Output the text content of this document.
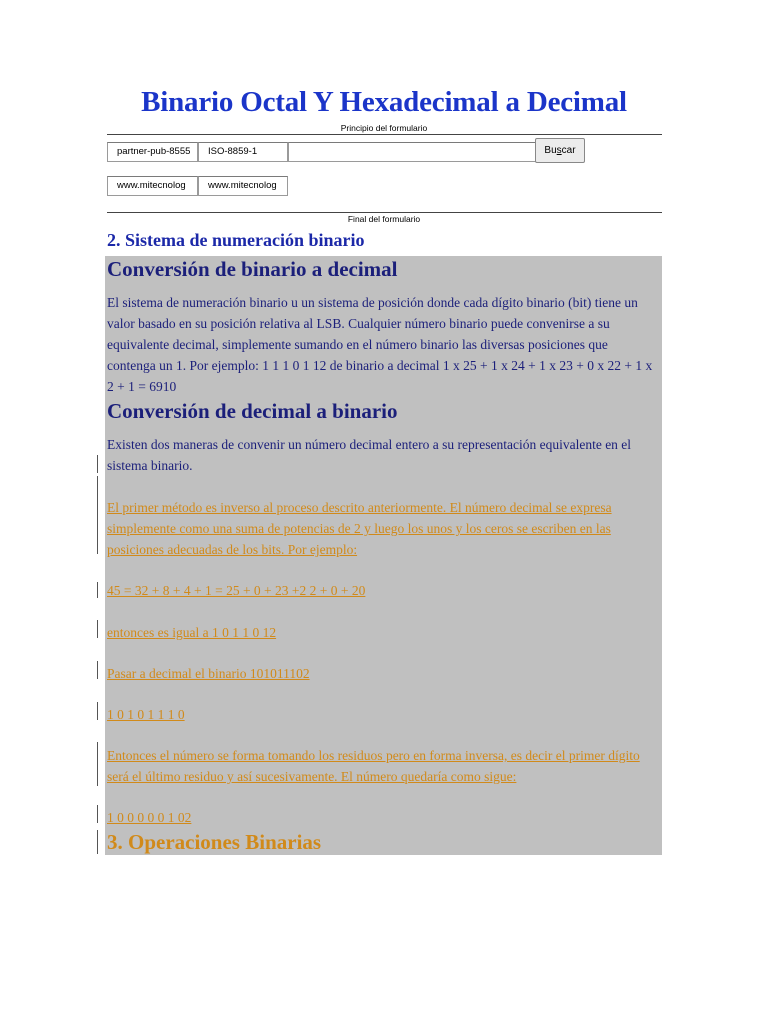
Binario Octal Y Hexadecimal a Decimal
Principio del formulario
partner-pub-8555	ISO-8859-1	Buscar
www.mitecnolog	www.mitecnolog
Final del formulario
2. Sistema de numeración binario
Conversión de binario a decimal
El sistema de numeración binario u un sistema de posición donde cada dígito binario (bit) tiene un valor basado en su posición relativa al LSB. Cualquier número binario puede convenirse a su equivalente decimal, simplemente sumando en el número binario las diversas posiciones que contenga un 1. Por ejemplo: 1 1 1 0 1 12 de binario a decimal 1 x 25 + 1 x 24 + 1 x 23 + 0 x 22 + 1 x 2 + 1 = 6910
Conversión de decimal a binario
Existen dos maneras de convenir un número decimal entero a su representación equivalente en el sistema binario.
El primer método es inverso al proceso descrito anteriormente. El número decimal se expresa simplemente como una suma de potencias de 2 y luego los unos y los ceros se escriben en las posiciones adecuadas de los bits. Por ejemplo:
45 = 32 + 8 + 4 + 1 = 25 + 0 + 23 +2 2 + 0 + 20
entonces es igual a 1 0 1 1 0 12
Pasar a decimal el binario 101011102
1 0 1 0 1 1 1 0
Entonces el número se forma tomando los residuos pero en forma inversa, es decir el primer dígito será el último residuo y así sucesivamente. El número quedaría como sigue:
1 0 0 0 0 0 1 02
3. Operaciones Binarias
